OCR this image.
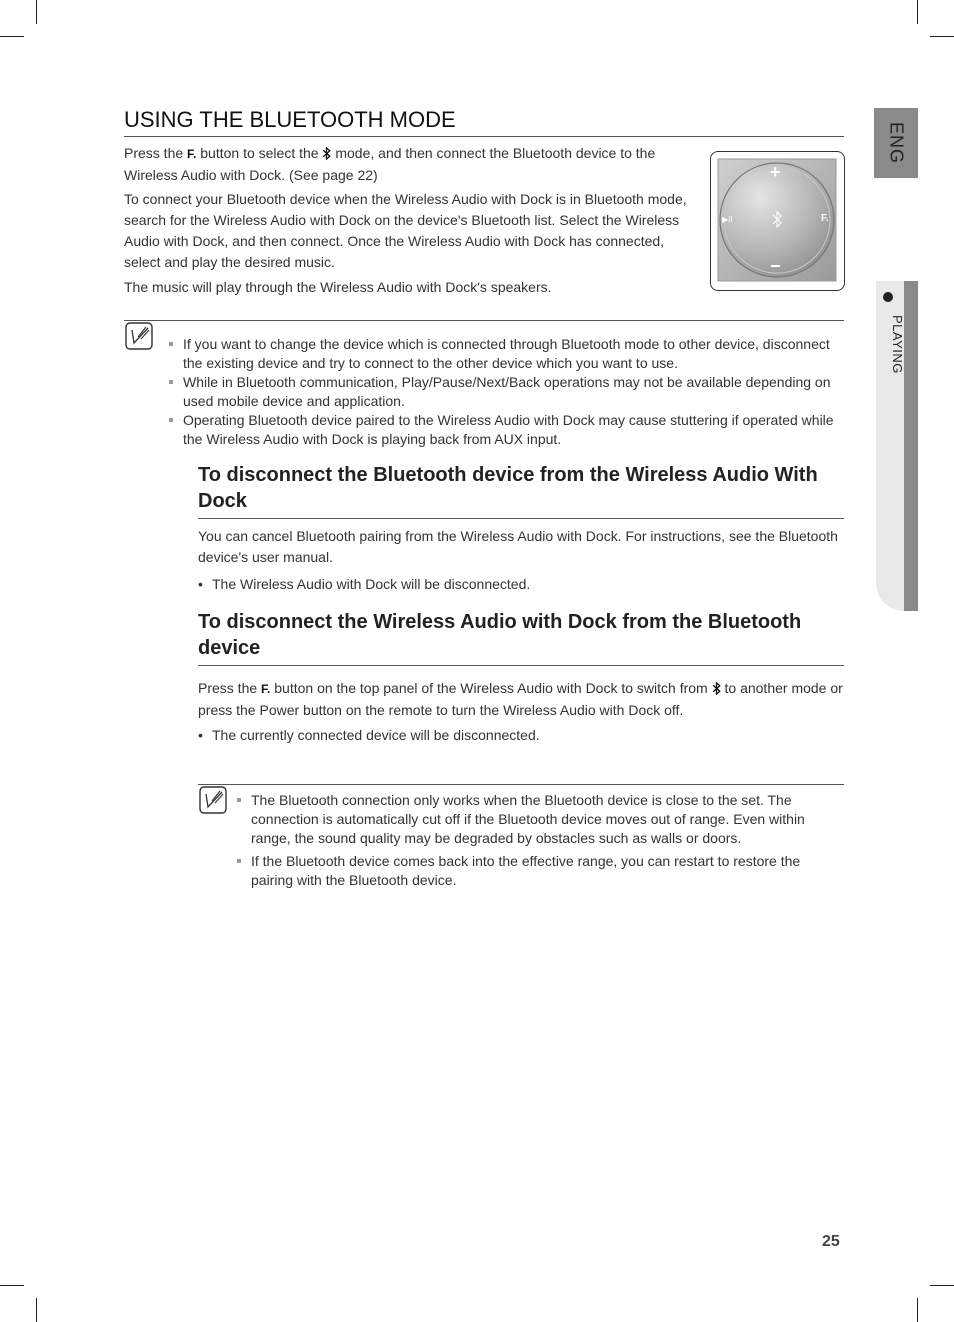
ENG
PLAYING
USING THE BLUETOOTH MODE

Press the F. button to select the mode, and then connect the Bluetooth device to the Wireless Audio with Dock. (See page 22)

To connect your Bluetooth device when the Wireless Audio with Dock is in Bluetooth mode, search for the Wireless Audio with Dock on the device's Bluetooth list. Select the Wireless Audio with Dock, and then connect. Once the Wireless Audio with Dock has connected, select and play the desired music.

The music will play through the Wireless Audio with Dock's speakers.

+
−
▶II	F.
If you want to change the device which is connected through Bluetooth mode to other device, disconnect the existing device and try to connect to the other device which you want to use.
While in Bluetooth communication, Play/Pause/Next/Back operations may not be available depending on used mobile device and application.
Operating Bluetooth device paired to the Wireless Audio with Dock may cause stuttering if operated while the Wireless Audio with Dock is playing back from AUX input.
To disconnect the Bluetooth device from the Wireless Audio With Dock

You can cancel Bluetooth pairing from the Wireless Audio with Dock. For instructions, see the Bluetooth device's user manual.

• The Wireless Audio with Dock will be disconnected.

To disconnect the Wireless Audio with Dock from the Bluetooth device

Press the F. button on the top panel of the Wireless Audio with Dock to switch from to another mode or press the Power button on the remote to turn the Wireless Audio with Dock off.

• The currently connected device will be disconnected.

The Bluetooth connection only works when the Bluetooth device is close to the set. The connection is automatically cut off if the Bluetooth device moves out of range. Even within range, the sound quality may be degraded by obstacles such as walls or doors.
If the Bluetooth device comes back into the effective range, you can restart to restore the pairing with the Bluetooth device.
25
